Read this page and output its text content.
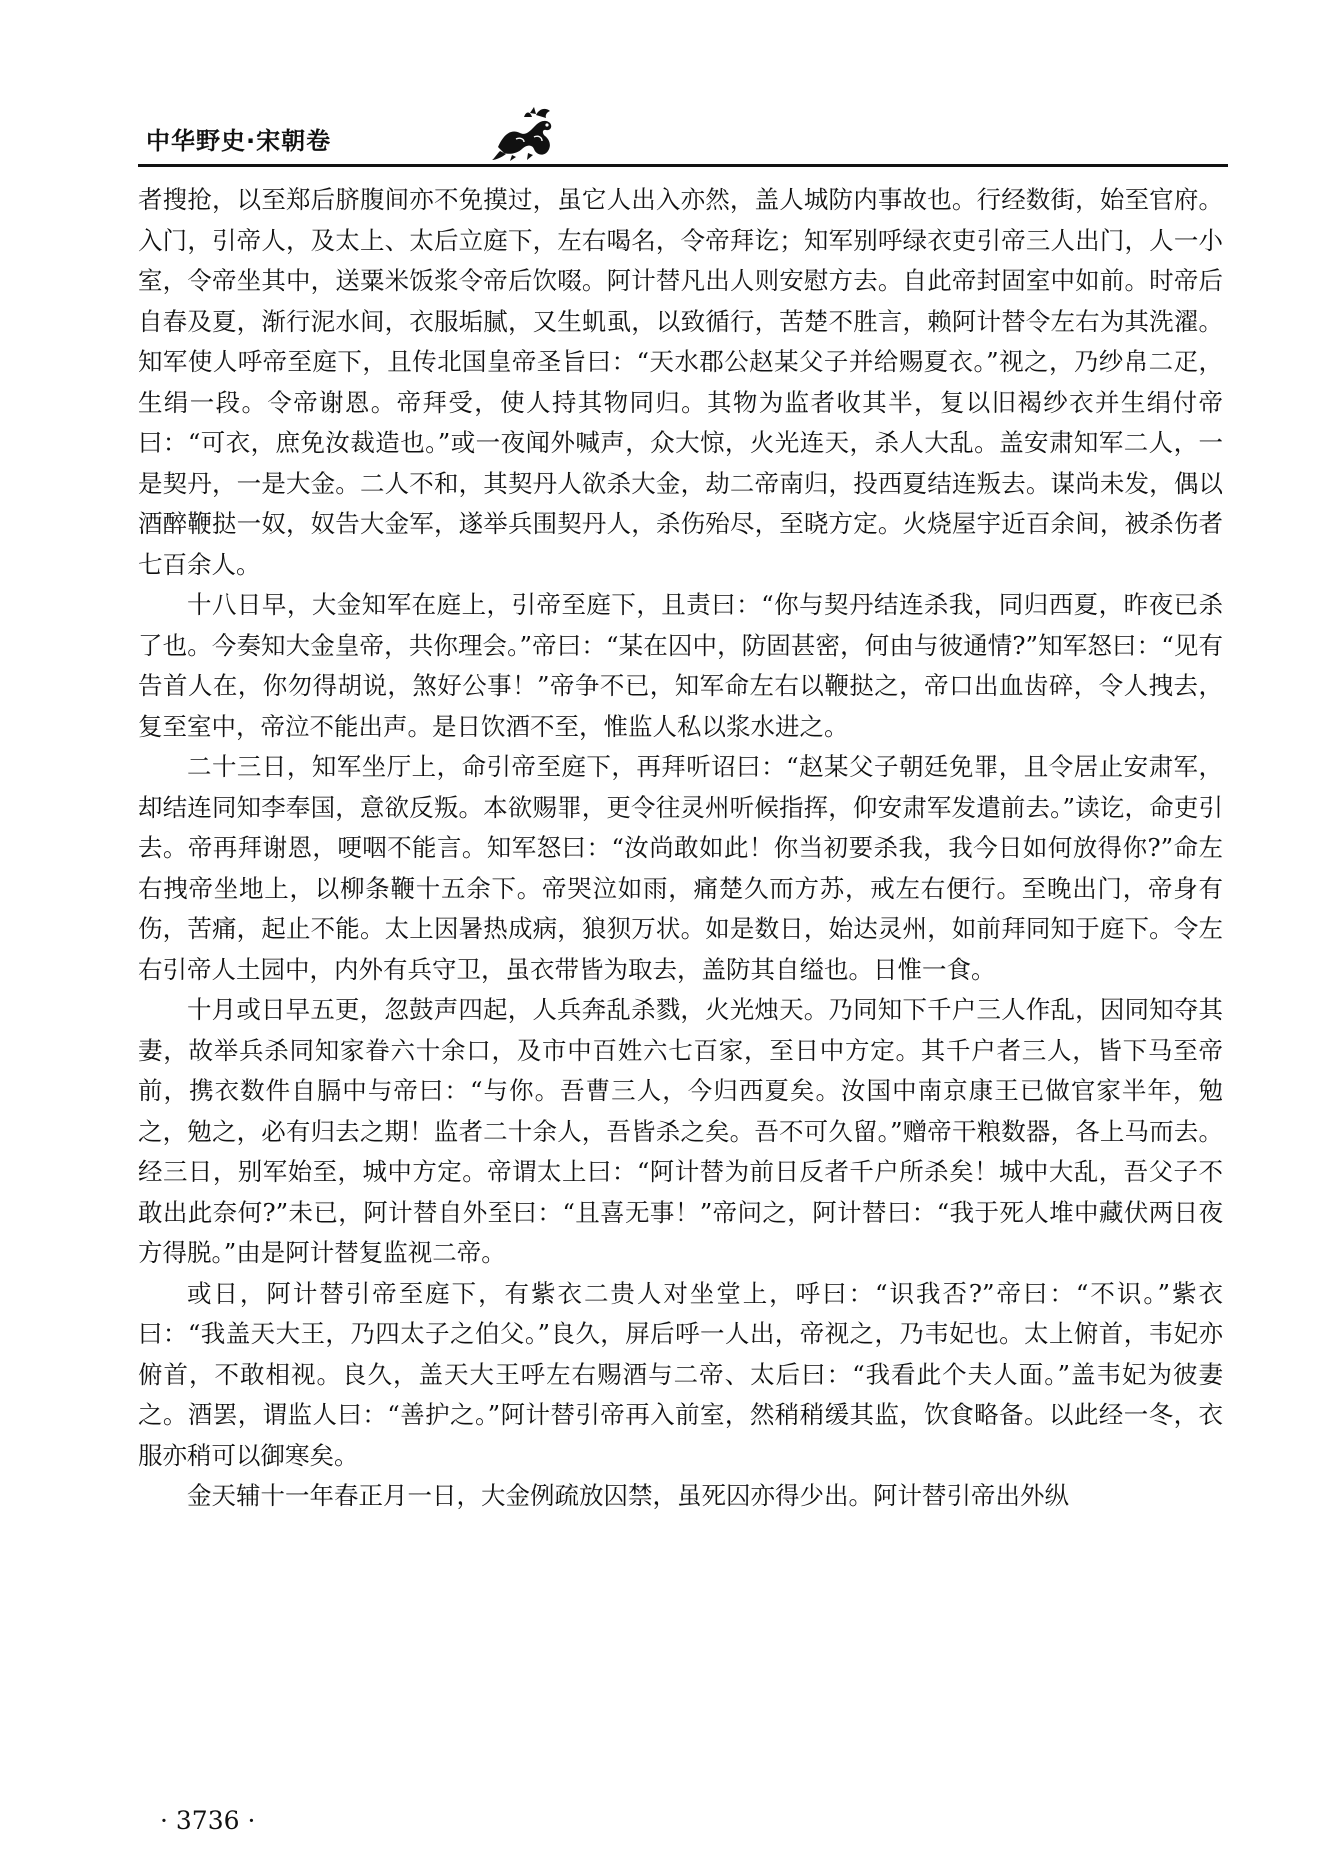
中华野史·宋朝卷

者搜抢，以至郑后脐腹间亦不免摸过，虽它人出入亦然，盖人城防内事故也。行经数街，始至官府。入门，引帝人，及太上、太后立庭下，左右喝名，令帝拜讫；知军别呼绿衣吏引帝三人出门，人一小室，令帝坐其中，送粟米饭浆令帝后饮啜。阿计替凡出人则安慰方去。自此帝封固室中如前。时帝后自春及夏，渐行泥水间，衣服垢腻，又生虮虱，以致循行，苦楚不胜言，赖阿计替令左右为其洗濯。知军使人呼帝至庭下，且传北国皇帝圣旨曰：“天水郡公赵某父子并给赐夏衣。”视之，乃纱帛二疋，生绢一段。令帝谢恩。帝拜受，使人持其物同归。其物为监者收其半，复以旧褐纱衣并生绢付帝曰：“可衣，庶免汝裁造也。”或一夜闻外喊声，众大惊，火光连天，杀人大乱。盖安肃知军二人，一是契丹，一是大金。二人不和，其契丹人欲杀大金，劫二帝南归，投西夏结连叛去。谋尚未发，偶以酒醉鞭挞一奴，奴告大金军，遂举兵围契丹人，杀伤殆尽，至晓方定。火烧屋宇近百余间，被杀伤者七百余人。

十八日早，大金知军在庭上，引帝至庭下，且责曰：“你与契丹结连杀我，同归西夏，昨夜已杀了也。今奏知大金皇帝，共你理会。”帝曰：“某在囚中，防固甚密，何由与彼通情?”知军怒曰：“见有告首人在，你勿得胡说，煞好公事！”帝争不已，知军命左右以鞭挞之，帝口出血齿碎，令人拽去，复至室中，帝泣不能出声。是日饮酒不至，惟监人私以浆水进之。

二十三日，知军坐厅上，命引帝至庭下，再拜听诏曰：“赵某父子朝廷免罪，且令居止安肃军，却结连同知李奉国，意欲反叛。本欲赐罪，更令往灵州听候指挥，仰安肃军发遣前去。”读讫，命吏引去。帝再拜谢恩，哽咽不能言。知军怒曰：“汝尚敢如此！你当初要杀我，我今日如何放得你?”命左右拽帝坐地上，以柳条鞭十五余下。帝哭泣如雨，痛楚久而方苏，戒左右便行。至晚出门，帝身有伤，苦痛，起止不能。太上因暑热成病，狼狈万状。如是数日，始达灵州，如前拜同知于庭下。令左右引帝人土园中，内外有兵守卫，虽衣带皆为取去，盖防其自缢也。日惟一食。

十月或日早五更，忽鼓声四起，人兵奔乱杀戮，火光烛天。乃同知下千户三人作乱，因同知夺其妻，故举兵杀同知家眷六十余口，及市中百姓六七百家，至日中方定。其千户者三人，皆下马至帝前，携衣数件自膈中与帝曰：“与你。吾曹三人，今归西夏矣。汝国中南京康王已做官家半年，勉之，勉之，必有归去之期！监者二十余人，吾皆杀之矣。吾不可久留。”赠帝干粮数器，各上马而去。经三日，别军始至，城中方定。帝谓太上曰：“阿计替为前日反者千户所杀矣！城中大乱，吾父子不敢出此奈何?”未已，阿计替自外至曰：“且喜无事！”帝问之，阿计替曰：“我于死人堆中藏伏两日夜方得脱。”由是阿计替复监视二帝。

或日，阿计替引帝至庭下，有紫衣二贵人对坐堂上，呼曰：“识我否?”帝曰：“不识。”紫衣曰：“我盖天大王，乃四太子之伯父。”良久，屏后呼一人出，帝视之，乃韦妃也。太上俯首，韦妃亦俯首，不敢相视。良久，盖天大王呼左右赐酒与二帝、太后曰：“我看此个夫人面。”盖韦妃为彼妻之。酒罢，谓监人曰：“善护之。”阿计替引帝再入前室，然稍稍缓其监，饮食略备。以此经一冬，衣服亦稍可以御寒矣。

金天辅十一年春正月一日，大金例疏放囚禁，虽死囚亦得少出。阿计替引帝出外纵

· 3736 ·
